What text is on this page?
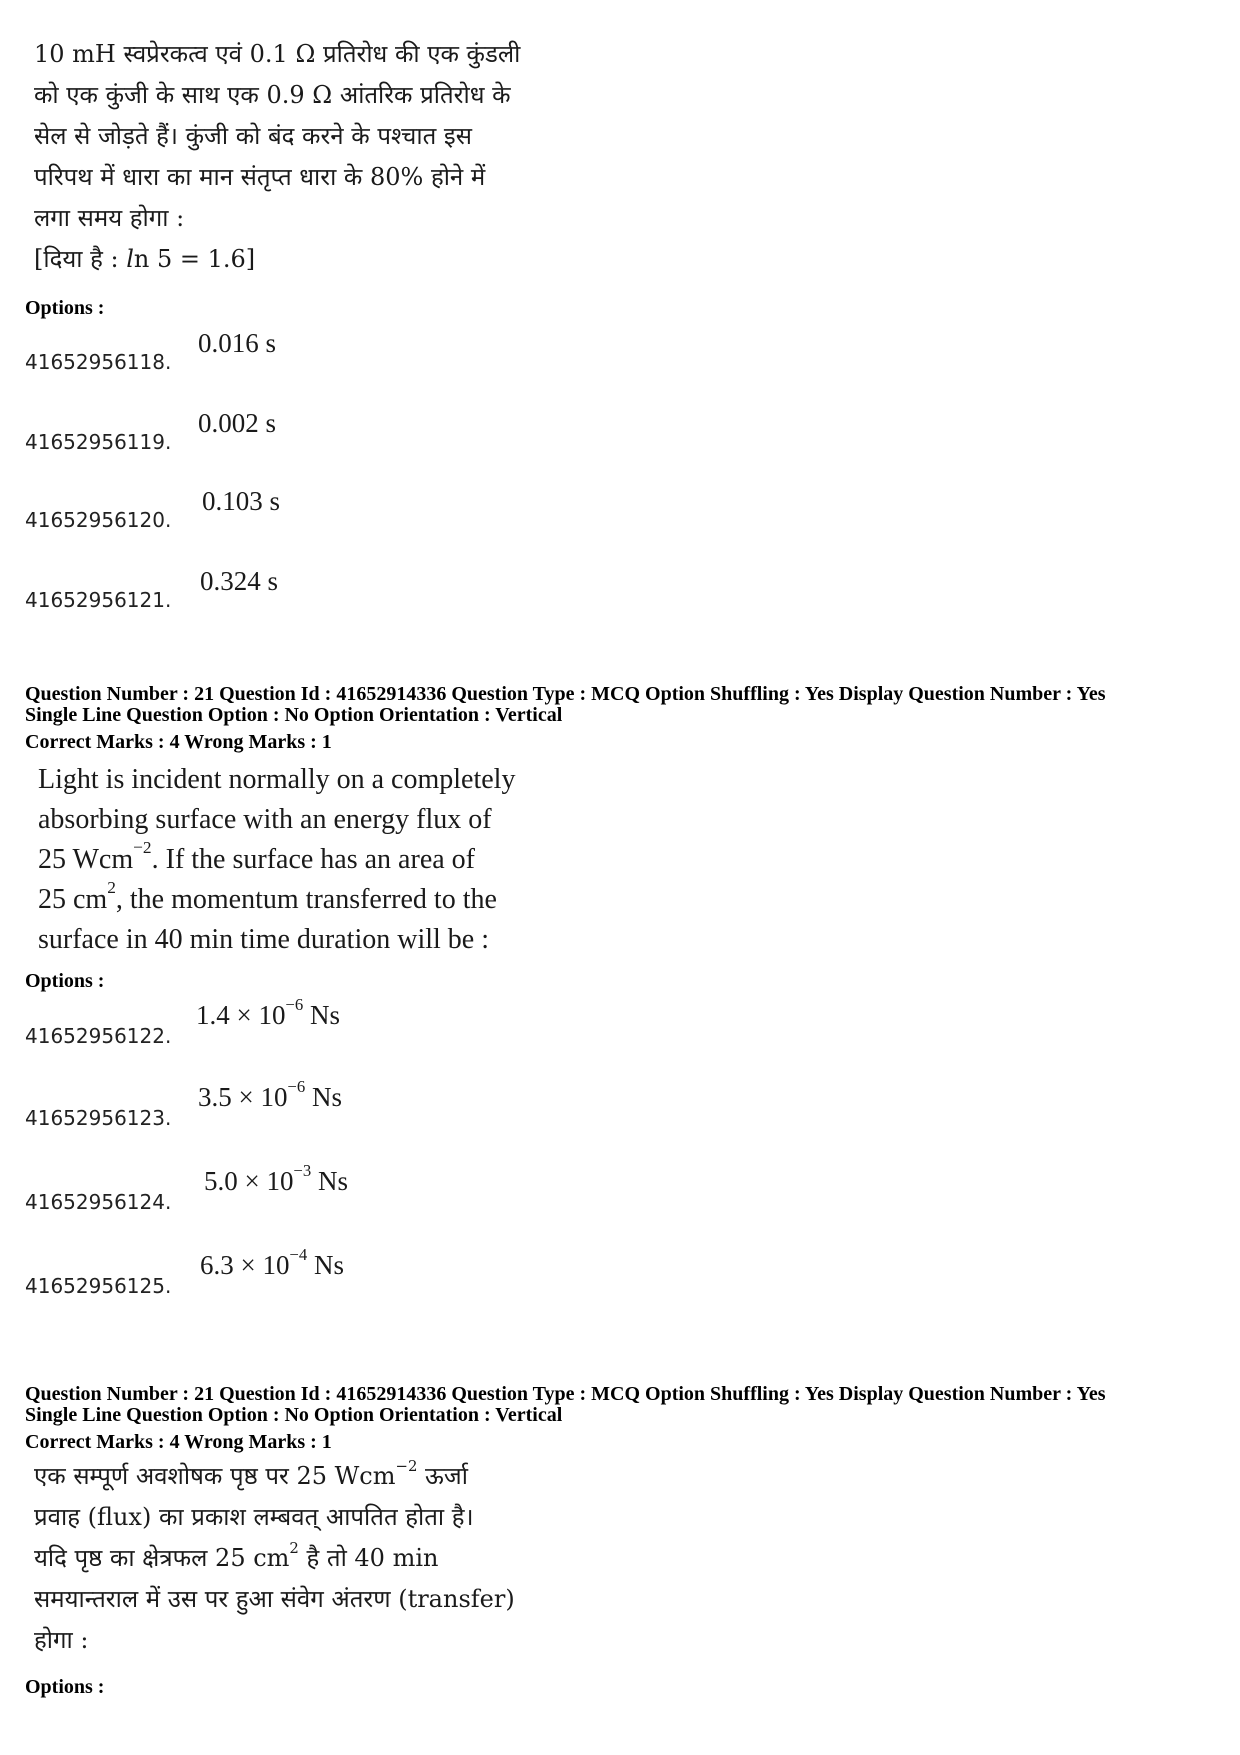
10 mH स्वप्रेरकत्व एवं 0.1 Ω प्रतिरोध की एक कुंडली
को एक कुंजी के साथ एक 0.9 Ω आंतरिक प्रतिरोध के
सेल से जोड़ते हैं। कुंजी को बंद करने के पश्चात इस
परिपथ में धारा का मान संतृप्त धारा के 80% होने में
लगा समय होगा :
[दिया है : ln 5 = 1.6]
Options :
41652956118.
0.016 s
41652956119.
0.002 s
41652956120.
0.103 s
41652956121.
0.324 s
Question Number : 21 Question Id : 41652914336 Question Type : MCQ Option Shuffling : Yes Display Question Number : Yes
Single Line Question Option : No Option Orientation : Vertical
Correct Marks : 4 Wrong Marks : 1
Light is incident normally on a completely
absorbing surface with an energy flux of
25 Wcm$^{-2}$. If the surface has an area of
25 $cm^2$, the momentum transferred to the
surface in 40 min time duration will be :
Options :
41652956122.
$1.4 \times 10^{-6}$ Ns
41652956123.
$3.5 \times 10^{-6}$ Ns
41652956124.
$5.0 \times 10^{-3}$ Ns
41652956125.
$6.3 \times 10^{-4}$ Ns
Question Number : 21 Question Id : 41652914336 Question Type : MCQ Option Shuffling : Yes Display Question Number : Yes
Single Line Question Option : No Option Orientation : Vertical
Correct Marks : 4 Wrong Marks : 1
एक सम्पूर्ण अवशोषक पृष्ठ पर 25 Wcm$^{-2}$ ऊर्जा
प्रवाह (flux) का प्रकाश लम्बवत् आपतित होता है।
यदि पृष्ठ का क्षेत्रफल 25 $cm^2$ है तो 40 min
समयान्तराल में उस पर हुआ संवेग अंतरण (transfer)
होगा :
Options :
